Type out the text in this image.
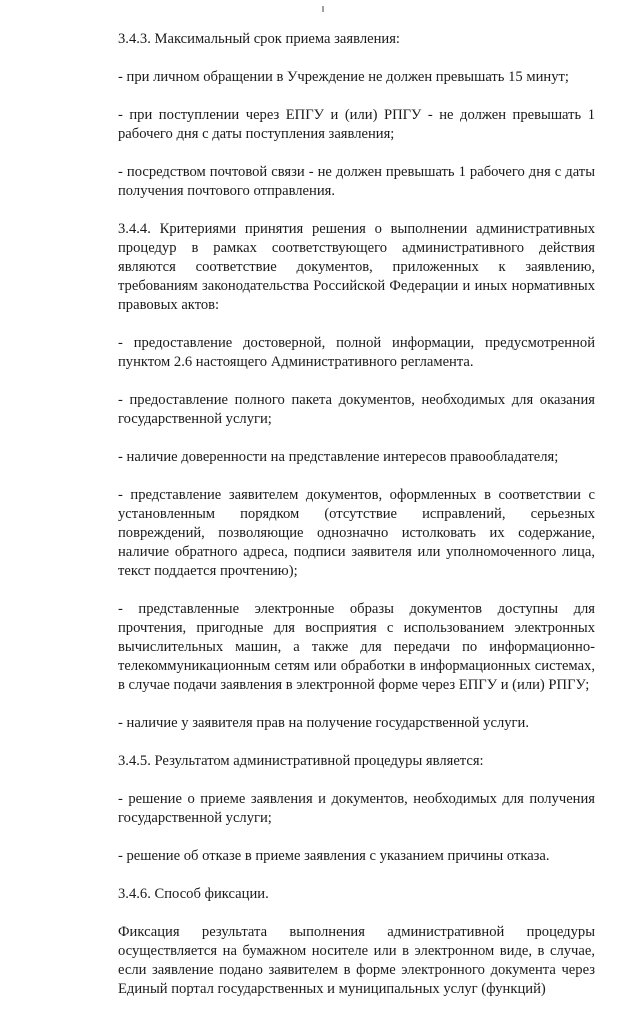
3.4.3. Максимальный срок приема заявления:

- при личном обращении в Учреждение не должен превышать 15 минут;

- при поступлении через ЕПГУ и (или) РПГУ - не должен превышать 1 рабочего дня с даты поступления заявления;

- посредством почтовой связи - не должен превышать 1 рабочего дня с даты получения почтового отправления.

3.4.4. Критериями принятия решения о выполнении административных процедур в рамках соответствующего административного действия являются соответствие документов, приложенных к заявлению, требованиям законодательства Российской Федерации и иных нормативных правовых актов:

- предоставление достоверной, полной информации, предусмотренной пунктом 2.6 настоящего Административного регламента.

- предоставление полного пакета документов, необходимых для оказания государственной услуги;

- наличие доверенности на представление интересов правообладателя;

- представление заявителем документов, оформленных в соответствии с установленным порядком (отсутствие исправлений, серьезных повреждений, позволяющие однозначно истолковать их содержание, наличие обратного адреса, подписи заявителя или уполномоченного лица, текст поддается прочтению);

- представленные электронные образы документов доступны для прочтения, пригодные для восприятия с использованием электронных вычислительных машин, а также для передачи по информационно-телекоммуникационным сетям или обработки в информационных системах, в случае подачи заявления в электронной форме через ЕПГУ и (или) РПГУ;

- наличие у заявителя прав на получение государственной услуги.

3.4.5. Результатом административной процедуры является:

- решение о приеме заявления и документов, необходимых для получения государственной услуги;

- решение об отказе в приеме заявления с указанием причины отказа.

3.4.6. Способ фиксации.

Фиксация результата выполнения административной процедуры осуществляется на бумажном носителе или в электронном виде, в случае, если заявление подано заявителем в форме электронного документа через Единый портал государственных и муниципальных услуг (функций)
